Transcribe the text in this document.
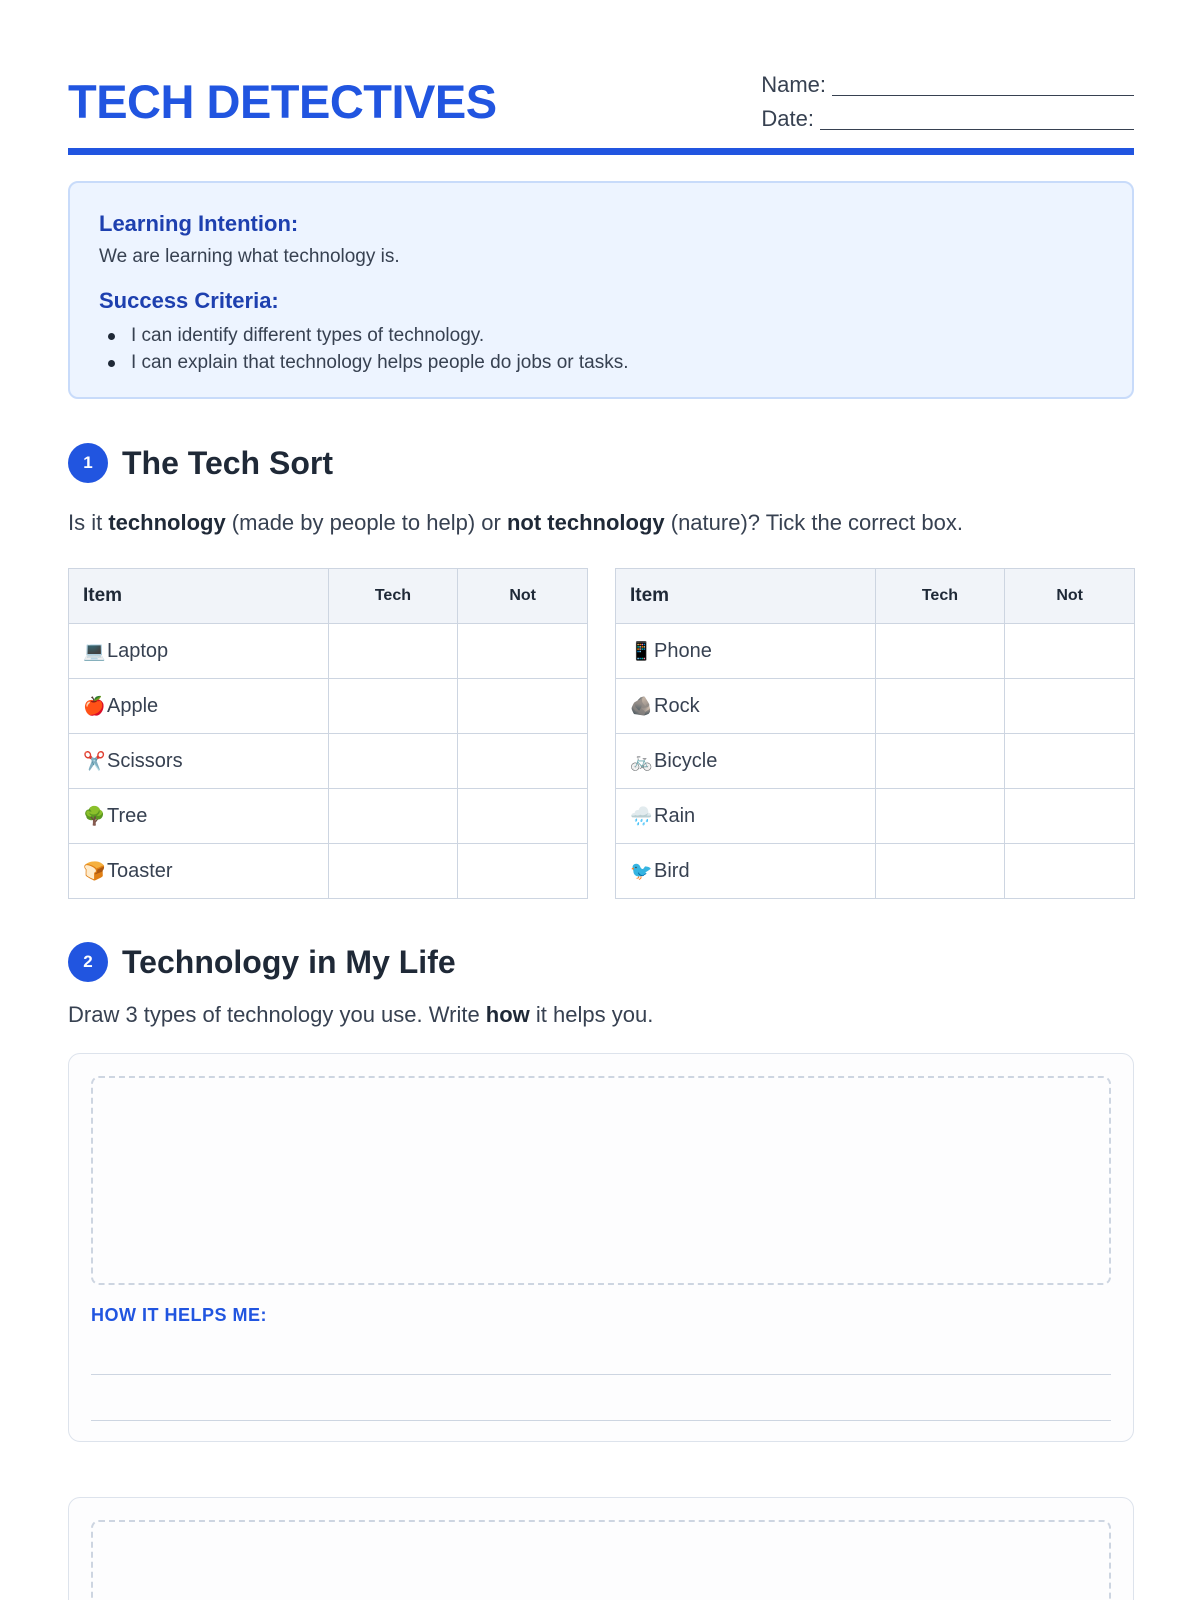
TECH DETECTIVES	Name:
Date:
Learning Intention:
We are learning what technology is.
Success Criteria:
I can identify different types of technology.
I can explain that technology helps people do jobs or tasks.
1 The Tech Sort
Is it technology (made by people to help) or not technology (nature)? Tick the correct box.
Item	Tech	Not
💻Laptop		
🍎Apple		
✂️Scissors		
🌳Tree		
🍞Toaster		
Item	Tech	Not
📱Phone		
🪨Rock		
🚲Bicycle		
🌧️Rain		
🐦Bird		
2 Technology in My Life
Draw 3 types of technology you use. Write how it helps you.
HOW IT HELPS ME:
